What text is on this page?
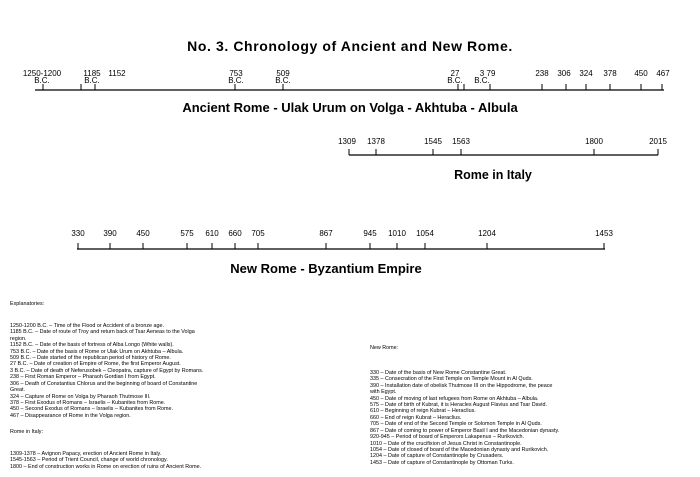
No. 3. Chronology of Ancient and New Rome.
1250-1200
B.C.
1185
B.C.
1152	753
B.C.
509
B.C.
27
B.C.
3
B.C.
79	238 306 324 378 450 467
Ancient Rome - Ulak Urum on Volga - Akhtuba - Albula
1309 1378	1545 1563	1800	2015
Rome in Italy
330 390 450	575 610 660 705	867	945 1010 1054	1204	1453
New Rome - Byzantium Empire

Explanatories:

1250-1200 B.C. – Time of the Flood or Accident of a bronze age.
1185 B.C. – Date of route of Troy and return back of Tsar Aeneas to the Volga
region.
1152 B.C. – Date of the basis of fortress of Alba Longo (White walls).
753 B.C. – Date of the basis of Rome or Ulak Urum on Akhtuba – Albula.
509 B.C. – Date started of the republican period of history of Rome.
27 B.C. – Date of creation of Empire of Rome, the first Emperor August.
3 B.C. – Date of death of Neferusobek – Cleopatra, capture of Egypt by Romans.
238 – First Roman Emperor – Pharaoh Gordian I from Egypt.
306 – Death of Constantius Chlorus and the beginning of board of Constantine
Great.
324 – Capture of Rome on Volga by Pharaoh Thutmose III.
378 – First Exodus of Romans – Israelis – Kubanites from Rome.
450 – Second Exodus of Romans – Israelis – Kubanites from Rome.
467 – Disappearance of Rome in the Volga region.

Rome in Italy:

1309-1378 – Avignon Papacy, erection of Ancient Rome in Italy.
1545-1563 – Period of Trient Council, change of world chronology.
1800 – End of construction works in Rome on erection of ruins of Ancient Rome.

New Rome:

330 – Date of the basis of New Rome Constantine Great.
335 – Consecration of the First Temple on Temple Mount in Al Quds.
390 – Installation date of obelisk Thutmose III on the Hippodrome, the peace
with Egypt.
450 – Date of moving of last refugees from Rome on Akhtuba – Albula.
575 – Date of birth of Kubrat, it is Heracles August Flavius and Tsar David.
610 – Beginning of reign Kubrat – Heraclius.
660 – End of reign Kubrat – Heraclius.
705 – Date of end of the Second Temple or Solomon Temple in Al Quds.
867 – Date of coming to power of Emperor Basil I and the Macedonian dynasty.
920-945 – Period of board of Emperors Lakapenus – Rurikovich.
1010 – Date of the crucifixion of Jesus Christ in Constantinople.
1054 – Date of closed of board of the Macedonian dynasty and Rurikovich.
1204 – Date of capture of Constantinople by Crusaders.
1453 – Date of capture of Constantinople by Ottoman Turks.
